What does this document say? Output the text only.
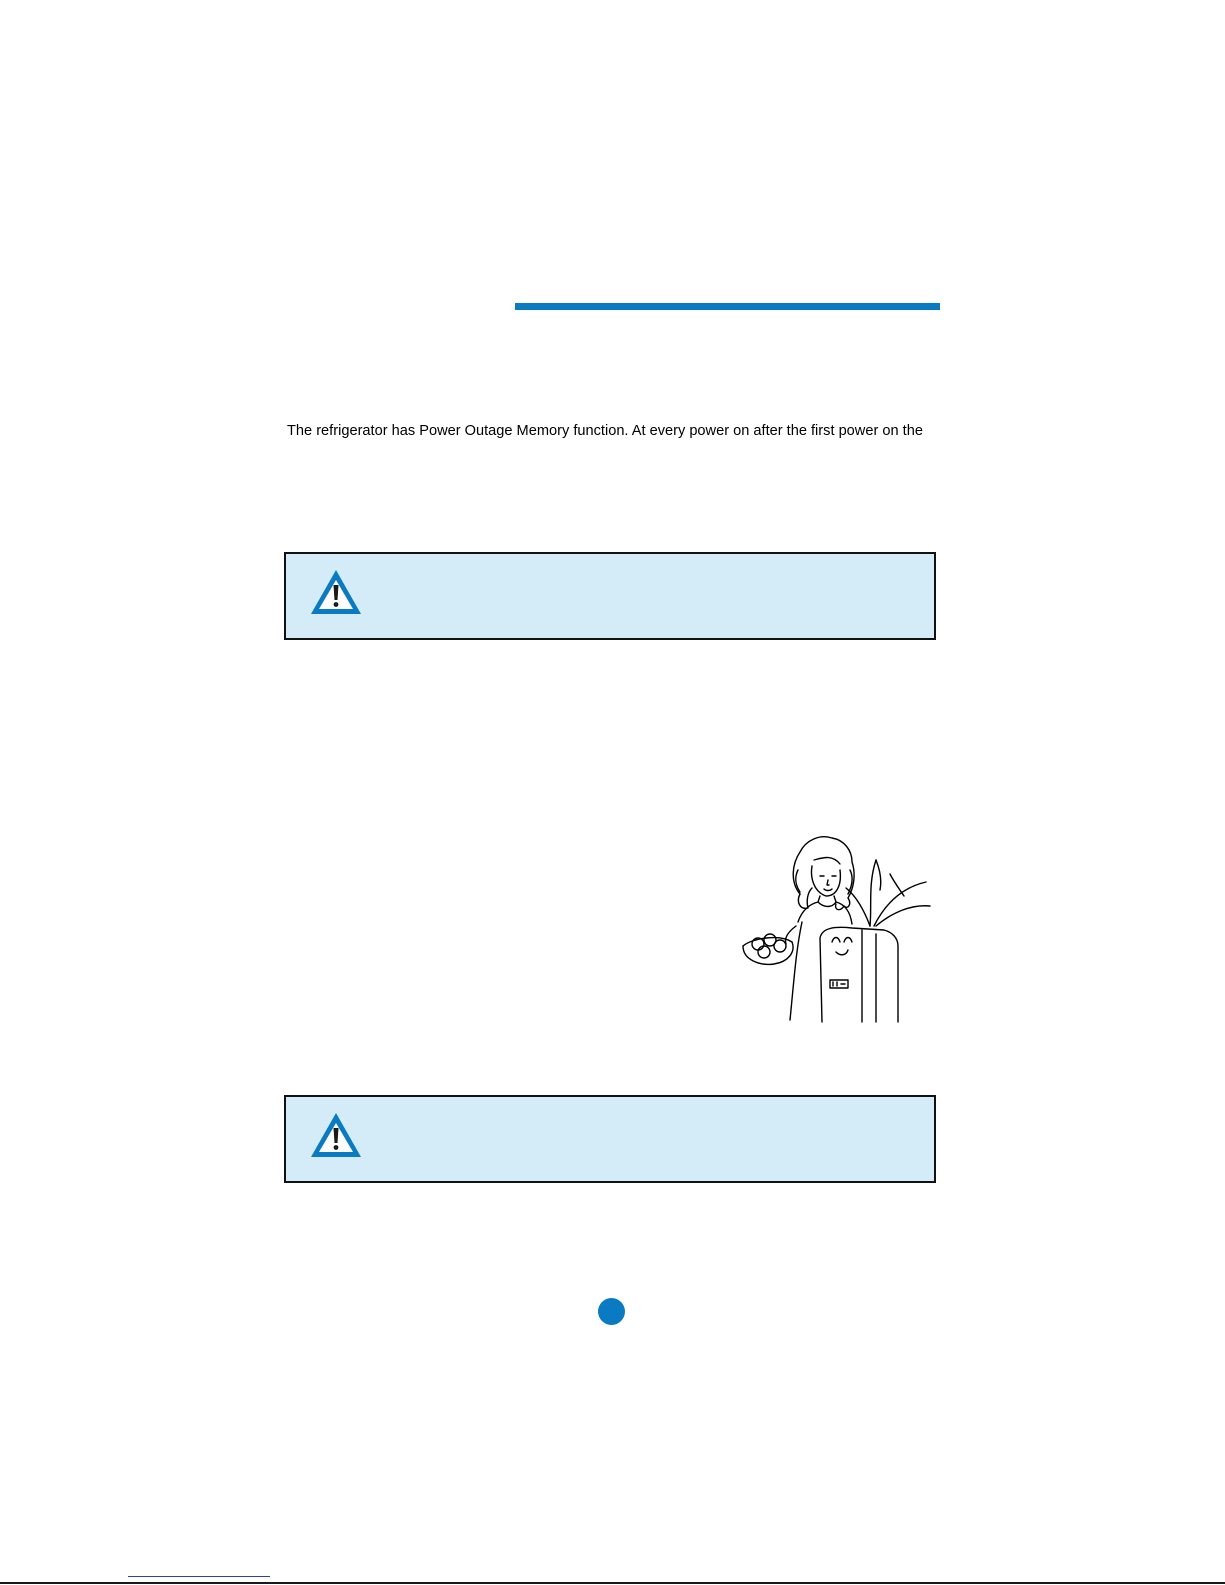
The refrigerator has Power Outage Memory function. At every power on after the first power on the
